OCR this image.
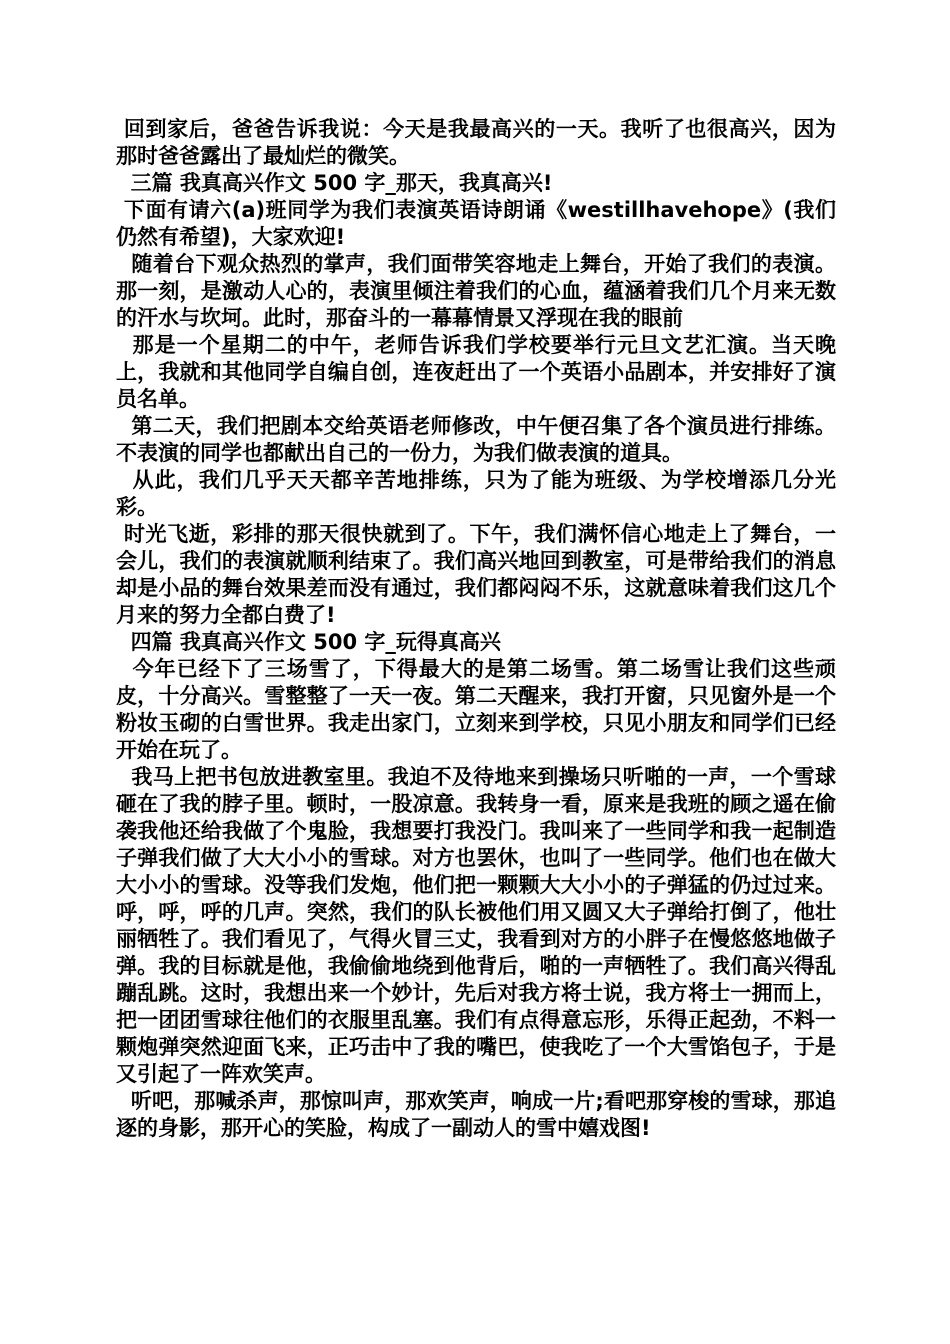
回到家后，爸爸告诉我说：今天是我最高兴的一天。我听了也很高兴，因为那时爸爸露出了最灿烂的微笑。

三篇 我真高兴作文 500 字_那天，我真高兴!

下面有请六(a)班同学为我们表演英语诗朗诵《westillhavehope》(我们仍然有希望)，大家欢迎!

随着台下观众热烈的掌声，我们面带笑容地走上舞台，开始了我们的表演。那一刻，是激动人心的，表演里倾注着我们的心血，蕴涵着我们几个月来无数的汗水与坎坷。此时，那奋斗的一幕幕情景又浮现在我的眼前

那是一个星期二的中午，老师告诉我们学校要举行元旦文艺汇演。当天晚上，我就和其他同学自编自创，连夜赶出了一个英语小品剧本，并安排好了演员名单。

第二天，我们把剧本交给英语老师修改，中午便召集了各个演员进行排练。不表演的同学也都献出自己的一份力，为我们做表演的道具。

从此，我们几乎天天都辛苦地排练，只为了能为班级、为学校增添几分光彩。

时光飞逝，彩排的那天很快就到了。下午，我们满怀信心地走上了舞台，一会儿，我们的表演就顺利结束了。我们高兴地回到教室，可是带给我们的消息却是小品的舞台效果差而没有通过，我们都闷闷不乐，这就意味着我们这几个月来的努力全都白费了!

四篇 我真高兴作文 500 字_玩得真高兴

今年已经下了三场雪了，下得最大的是第二场雪。第二场雪让我们这些顽皮，十分高兴。雪整整了一天一夜。第二天醒来，我打开窗，只见窗外是一个粉妆玉砌的白雪世界。我走出家门，立刻来到学校，只见小朋友和同学们已经开始在玩了。

我马上把书包放进教室里。我迫不及待地来到操场只听啪的一声，一个雪球砸在了我的脖子里。顿时，一股凉意。我转身一看，原来是我班的顾之遥在偷袭我他还给我做了个鬼脸，我想要打我没门。我叫来了一些同学和我一起制造子弹我们做了大大小小的雪球。对方也罢休，也叫了一些同学。他们也在做大大小小的雪球。没等我们发炮，他们把一颗颗大大小小的子弹猛的仍过过来。呼，呼，呼的几声。突然，我们的队长被他们用又圆又大子弹给打倒了，他壮丽牺牲了。我们看见了，气得火冒三丈，我看到对方的小胖子在慢悠悠地做子弹。我的目标就是他，我偷偷地绕到他背后，啪的一声牺牲了。我们高兴得乱蹦乱跳。这时，我想出来一个妙计，先后对我方将士说，我方将士一拥而上，把一团团雪球往他们的衣服里乱塞。我们有点得意忘形，乐得正起劲，不料一颗炮弹突然迎面飞来，正巧击中了我的嘴巴，使我吃了一个大雪馅包子，于是又引起了一阵欢笑声。

听吧，那喊杀声，那惊叫声，那欢笑声，响成一片;看吧那穿梭的雪球，那追逐的身影，那开心的笑脸，构成了一副动人的雪中嬉戏图!
